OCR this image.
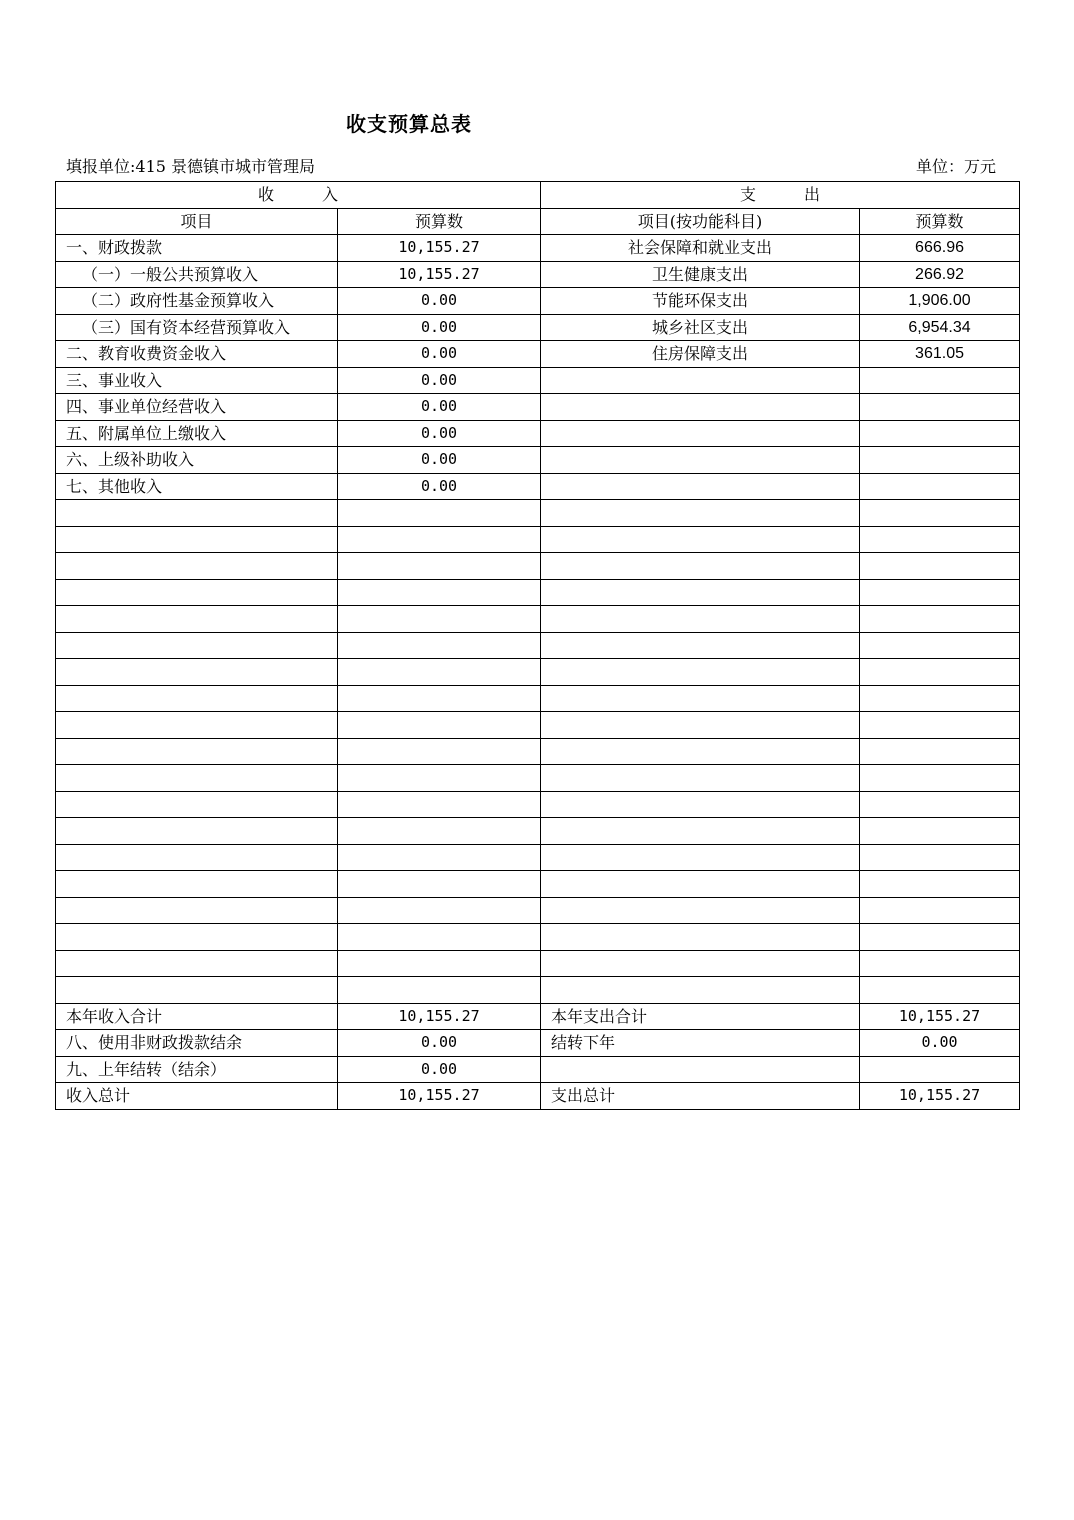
收支预算总表
填报单位:415 景德镇市城市管理局	单位：万元
收　　　入		支　　　出	
项目	预算数	项目(按功能科目)	预算数
一、财政拨款	10,155.27	社会保障和就业支出	666.96
（一）一般公共预算收入	10,155.27	卫生健康支出	266.92
（二）政府性基金预算收入	0.00	节能环保支出	1,906.00
（三）国有资本经营预算收入	0.00	城乡社区支出	6,954.34
二、教育收费资金收入	0.00	住房保障支出	361.05
三、事业收入	0.00		
四、事业单位经营收入	0.00		
五、附属单位上缴收入	0.00		
六、上级补助收入	0.00		
七、其他收入	0.00		

本年收入合计	10,155.27	本年支出合计	10,155.27
八、使用非财政拨款结余	0.00	结转下年	0.00
九、上年结转（结余）	0.00		
收入总计	10,155.27	支出总计	10,155.27
